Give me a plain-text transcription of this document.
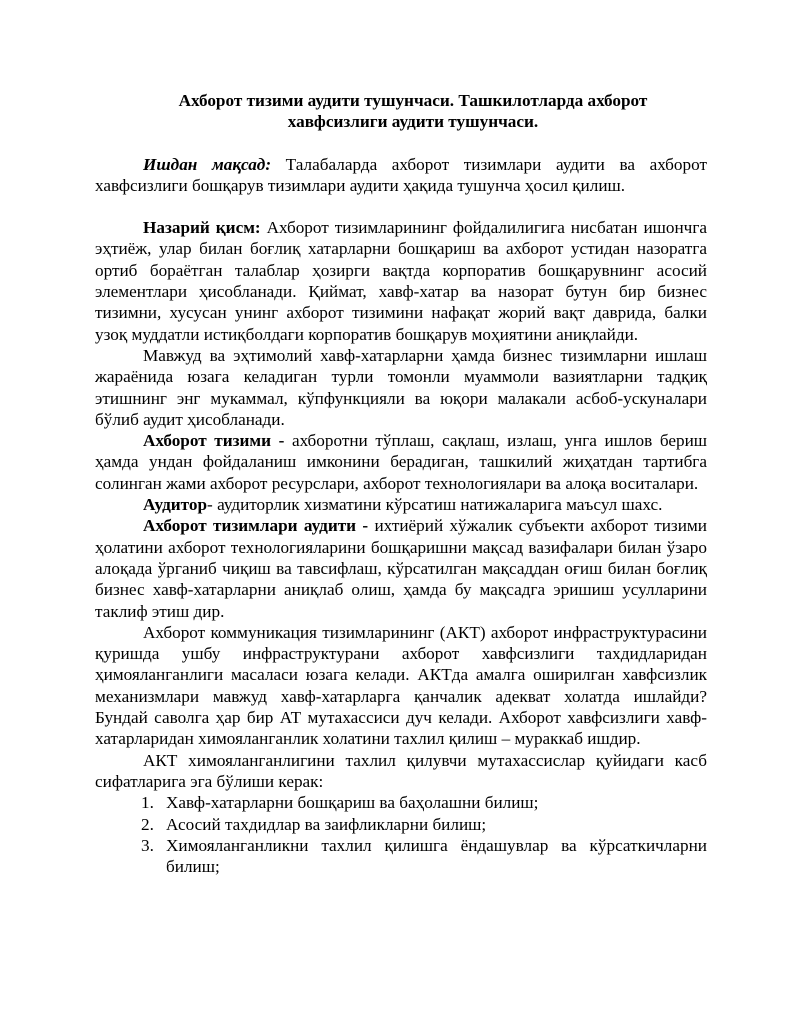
Ахборот тизими аудити тушунчаси. Ташкилотларда ахборот
хавфсизлиги аудити тушунчаси.

Ишдан мақсад: Талабаларда ахборот тизимлари аудити ва ахборот хавфсизлиги бошқарув тизимлари аудити ҳақида тушунча ҳосил қилиш.

Назарий қисм: Ахборот тизимларининг фойдалилигига нисбатан ишончга эҳтиёж, улар билан боғлиқ хатарларни бошқариш ва ахборот устидан назоратга ортиб бораётган талаблар ҳозирги вақтда корпоратив бошқарувнинг асосий элементлари ҳисобланади. Қиймат, хавф-хатар ва назорат бутун бир бизнес тизимни, хусусан унинг ахборот тизимини нафақат жорий вақт даврида, балки узоқ муддатли истиқболдаги корпоратив бошқарув моҳиятини аниқлайди.

Мавжуд ва эҳтимолий хавф-хатарларни ҳамда бизнес тизимларни ишлаш жараёнида юзага келадиган турли томонли муаммоли вазиятларни тадқиқ этишнинг энг мукаммал, кўпфункцияли ва юқори малакали асбоб-ускуналари бўлиб аудит ҳисобланади.

Ахборот тизими - ахборотни тўплаш, сақлаш, излаш, унга ишлов бериш ҳамда ундан фойдаланиш имконини берадиган, ташкилий жиҳатдан тартибга солинган жами ахборот ресурслари, ахборот технологиялари ва алоқа воситалари.

Аудитор- аудиторлик хизматини кўрсатиш натижаларига маъсул шахс.

Ахборот тизимлари аудити - ихтиёрий хўжалик субъекти ахборот тизими ҳолатини ахборот технологияларини бошқаришни мақсад вазифалари билан ўзаро алоқада ўрганиб чиқиш ва тавсифлаш, кўрсатилган мақсаддан оғиш билан боғлиқ бизнес хавф-хатарларни аниқлаб олиш, ҳамда бу мақсадга эришиш усулларини таклиф этиш дир.

Ахборот коммуникация тизимларининг (АКТ) ахборот инфраструктурасини қуришда ушбу инфраструктурани ахборот хавфсизлиги тахдидларидан ҳимояланганлиги масаласи юзага келади. АКТда амалга оширилган хавфсизлик механизмлари мавжуд хавф-хатарларга қанчалик адекват холатда ишлайди? Бундай саволга ҳар бир АТ мутахассиси дуч келади. Ахборот хавфсизлиги хавф-хатарларидан химояланганлик холатини тахлил қилиш – мураккаб ишдир.

АКТ химояланганлигини тахлил қилувчи мутахассислар қуйидаги касб сифатларига эга бўлиши керак:

1. Хавф-хатарларни бошқариш ва баҳолашни билиш;
2. Асосий тахдидлар ва заифликларни билиш;
3. Химояланганликни тахлил қилишга ёндашувлар ва кўрсаткичларни билиш;
